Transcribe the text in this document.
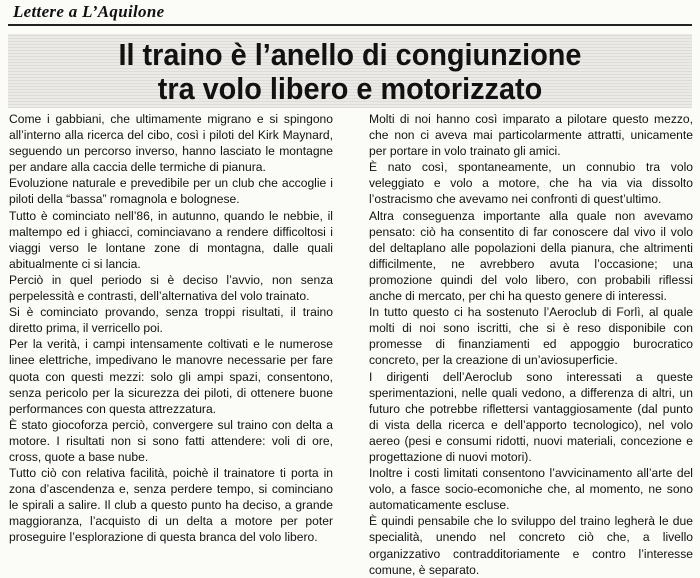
Lettere a L’Aquilone
Il traino è l’anello di congiunzione
tra volo libero e motorizzato

Come i gabbiani, che ultimamente migrano e si spingono all’interno alla ricerca del cibo, così i piloti del Kirk Maynard, seguendo un percorso inverso, hanno lasciato le montagne per andare alla caccia delle termiche di pianura.

Evoluzione naturale e prevedibile per un club che accoglie i piloti della “bassa” romagnola e bolognese.

Tutto è cominciato nell’86, in autunno, quando le nebbie, il maltempo ed i ghiacci, cominciavano a rendere difficoltosi i viaggi verso le lontane zone di montagna, dalle quali abitualmente ci si lancia.

Perciò in quel periodo si è deciso l’avvio, non senza perpelessità e contrasti, dell’alternativa del volo trainato.

Si è cominciato provando, senza troppi risultati, il traino diretto prima, il verricello poi.

Per la verità, i campi intensamente coltivati e le numerose linee elettriche, impedivano le manovre necessarie per fare quota con questi mezzi: solo gli ampi spazi, consentono, senza pericolo per la sicurezza dei piloti, di ottenere buone performances con questa attrezzatura.

È stato giocoforza perciò, convergere sul traino con delta a motore. I risultati non si sono fatti attendere: voli di ore, cross, quote a base nube.

Tutto ciò con relativa facilità, poichè il trainatore ti porta in zona d’ascendenza e, senza perdere tempo, si cominciano le spirali a salire. Il club a questo punto ha deciso, a grande maggioranza, l’acquisto di un delta a motore per poter proseguire l’esplorazione di questa branca del volo libero.

Molti di noi hanno così imparato a pilotare questo mezzo, che non ci aveva mai particolarmente attratti, unicamente per portare in volo trainato gli amici.

È nato così, spontaneamente, un connubio tra volo veleggiato e volo a motore, che ha via via dissolto l’ostracismo che avevamo nei confronti di quest’ultimo.

Altra conseguenza importante alla quale non avevamo pensato: ciò ha consentito di far conoscere dal vivo il volo del deltaplano alle popolazioni della pianura, che altrimenti difficilmente, ne avrebbero avuta l’occasione; una promozione quindi del volo libero, con probabili riflessi anche di mercato, per chi ha questo genere di interessi.

In tutto questo ci ha sostenuto l’Aeroclub di Forlì, al quale molti di noi sono iscritti, che si è reso disponibile con promesse di finanziamenti ed appoggio burocratico concreto, per la creazione di un’aviosuperficie.

I dirigenti dell’Aeroclub sono interessati a queste sperimentazioni, nelle quali vedono, a differenza di altri, un futuro che potrebbe riflettersi vantaggiosamente (dal punto di vista della ricerca e dell’apporto tecnologico), nel volo aereo (pesi e consumi ridotti, nuovi materiali, concezione e progettazione di nuovi motori).

Inoltre i costi limitati consentono l’avvicinamento all’arte del volo, a fasce socio-ecomoniche che, al momento, ne sono automaticamente escluse.

È quindi pensabile che lo sviluppo del traino legherà le due specialità, unendo nel concreto ciò che, a livello organizzativo contradditoriamente e contro l’interesse comune, è separato.
